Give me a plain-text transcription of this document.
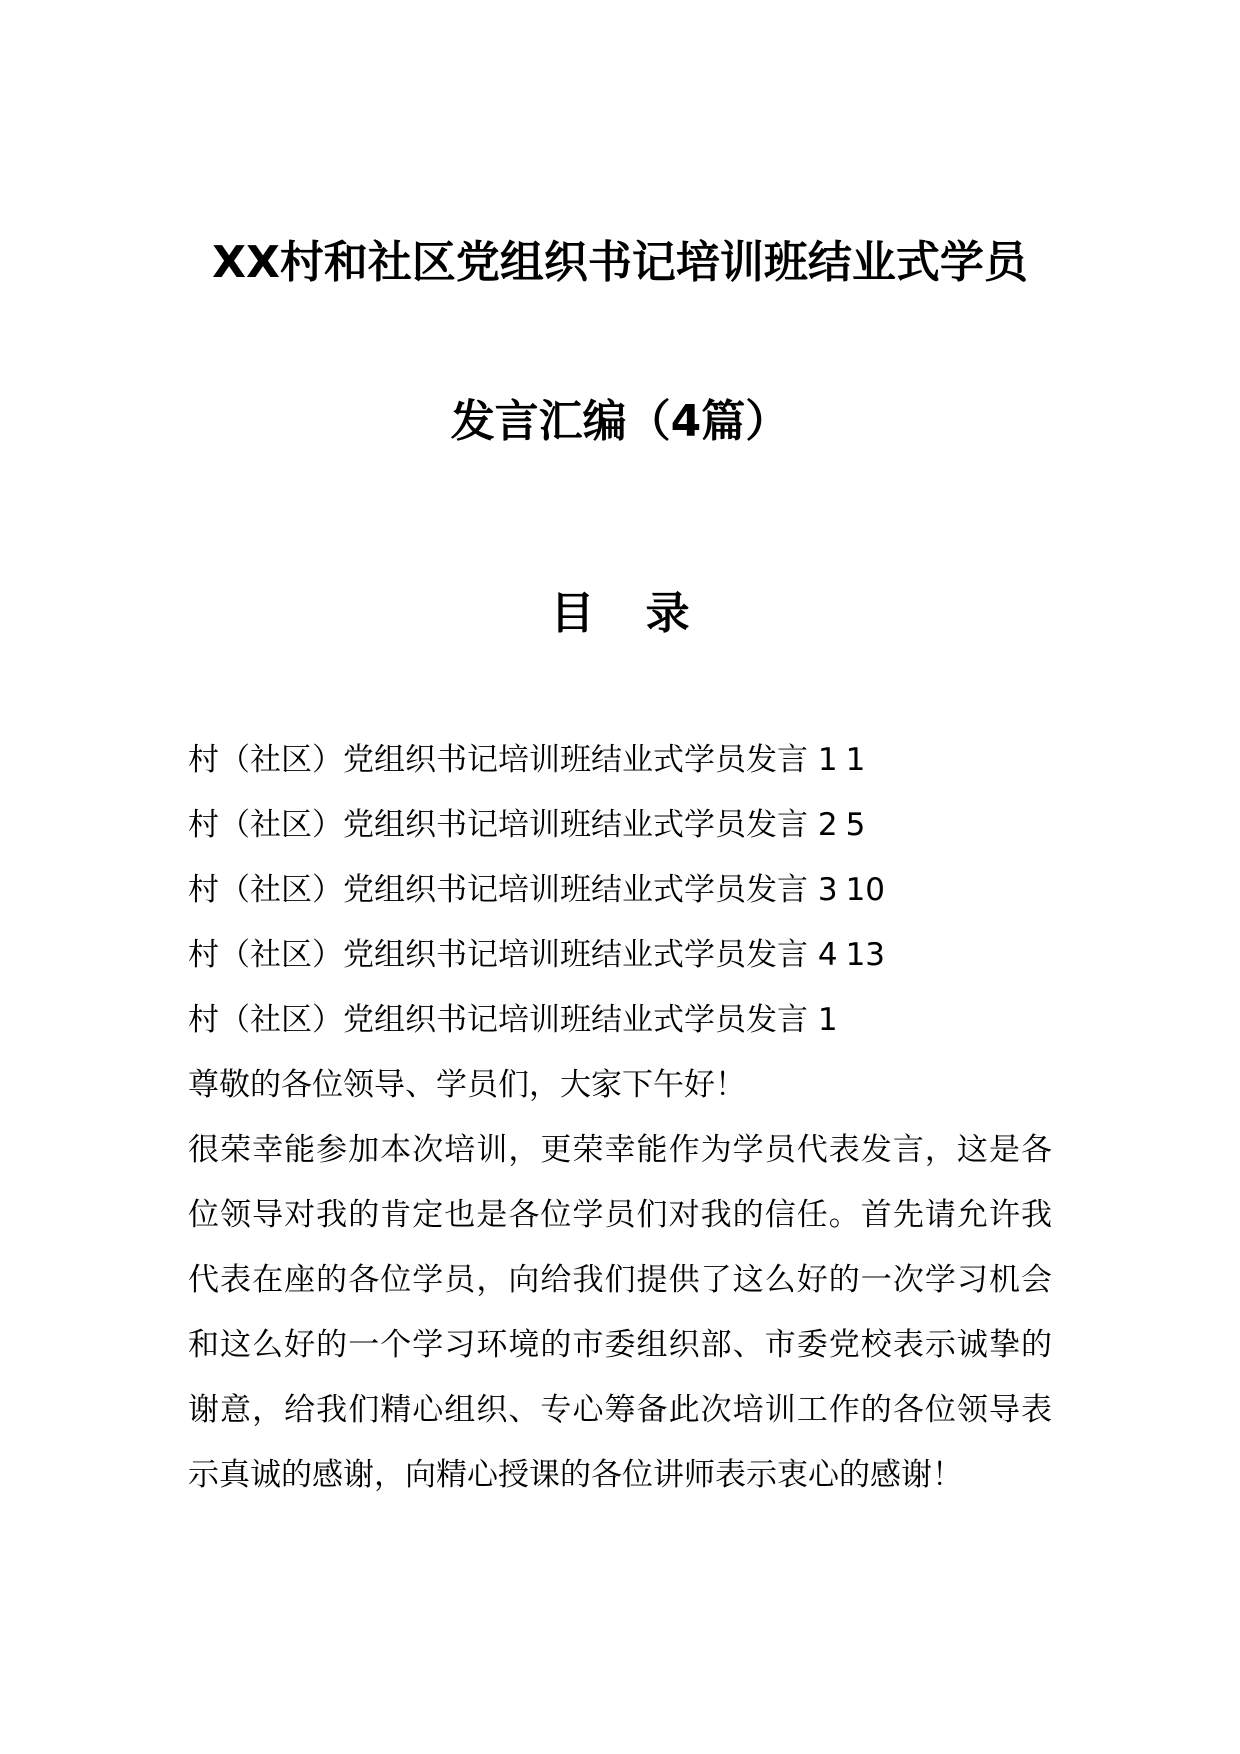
XX村和社区党组织书记培训班结业式学员
发言汇编（4篇）
目 录
村（社区）党组织书记培训班结业式学员发言 1 1
村（社区）党组织书记培训班结业式学员发言 2 5
村（社区）党组织书记培训班结业式学员发言 3 10
村（社区）党组织书记培训班结业式学员发言 4 13
村（社区）党组织书记培训班结业式学员发言 1

尊敬的各位领导、学员们，大家下午好！

很荣幸能参加本次培训，更荣幸能作为学员代表发言，这是各位领导对我的肯定也是各位学员们对我的信任。首先请允许我代表在座的各位学员，向给我们提供了这么好的一次学习机会和这么好的一个学习环境的市委组织部、市委党校表示诚挚的谢意，给我们精心组织、专心筹备此次培训工作的各位领导表示真诚的感谢，向精心授课的各位讲师表示衷心的感谢！
